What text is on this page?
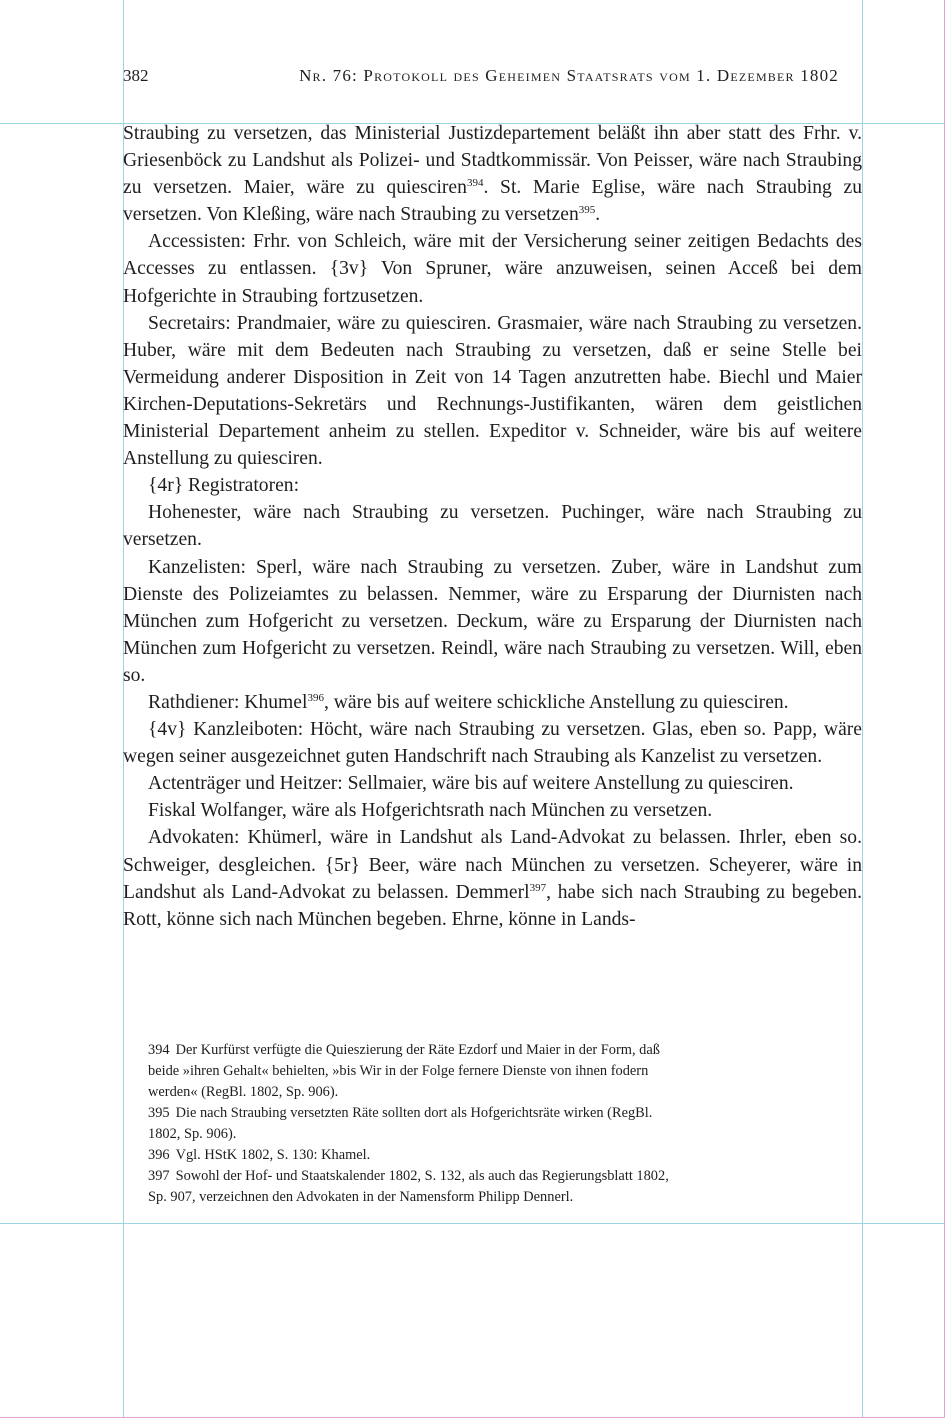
382	Nr. 76: Protokoll des Geheimen Staatsrats vom 1. Dezember 1802

Straubing zu versetzen, das Ministerial Justizdepartement beläßt ihn aber statt des Frhr. v. Griesenböck zu Landshut als Polizei- und Stadtkommissär. Von Peisser, wäre nach Straubing zu versetzen. Maier, wäre zu quiesciren$^{394}$. St. Marie Eglise, wäre nach Straubing zu versetzen. Von Kleßing, wäre nach Straubing zu versetzen$^{395}$.

Accessisten: Frhr. von Schleich, wäre mit der Versicherung seiner zeitigen Bedachts des Accesses zu entlassen. {3v} Von Spruner, wäre anzuweisen, seinen Acceß bei dem Hofgerichte in Straubing fortzusetzen.

Secretairs: Prandmaier, wäre zu quiesciren. Grasmaier, wäre nach Straubing zu versetzen. Huber, wäre mit dem Bedeuten nach Straubing zu versetzen, daß er seine Stelle bei Vermeidung anderer Disposition in Zeit von 14 Tagen anzutretten habe. Biechl und Maier Kirchen-Deputations-Sekretärs und Rechnungs-Justifikanten, wären dem geistlichen Ministerial Departement anheim zu stellen. Expeditor v. Schneider, wäre bis auf weitere Anstellung zu quiesciren.

{4r} Registratoren:

Hohenester, wäre nach Straubing zu versetzen. Puchinger, wäre nach Straubing zu versetzen.

Kanzelisten: Sperl, wäre nach Straubing zu versetzen. Zuber, wäre in Landshut zum Dienste des Polizeiamtes zu belassen. Nemmer, wäre zu Ersparung der Diurnisten nach München zum Hofgericht zu versetzen. Deckum, wäre zu Ersparung der Diurnisten nach München zum Hofgericht zu versetzen. Reindl, wäre nach Straubing zu versetzen. Will, eben so.

Rathdiener: Khumel$^{396}$, wäre bis auf weitere schickliche Anstellung zu quiesciren.

{4v} Kanzleiboten: Höcht, wäre nach Straubing zu versetzen. Glas, eben so. Papp, wäre wegen seiner ausgezeichnet guten Handschrift nach Straubing als Kanzelist zu versetzen.

Actenträger und Heitzer: Sellmaier, wäre bis auf weitere Anstellung zu quiesciren.

Fiskal Wolfanger, wäre als Hofgerichtsrath nach München zu versetzen.

Advokaten: Khümerl, wäre in Landshut als Land-Advokat zu belassen. Ihrler, eben so. Schweiger, desgleichen. {5r} Beer, wäre nach München zu versetzen. Scheyerer, wäre in Landshut als Land-Advokat zu belassen. Demmerl$^{397}$, habe sich nach Straubing zu begeben. Rott, könne sich nach München begeben. Ehrne, könne in Lands-

394 Der Kurfürst verfügte die Quieszierung der Räte Ezdorf und Maier in der Form, daß beide »ihren Gehalt« behielten, »bis Wir in der Folge fernere Dienste von ihnen fodern werden« (RegBl. 1802, Sp. 906).

395 Die nach Straubing versetzten Räte sollten dort als Hofgerichtsräte wirken (RegBl. 1802, Sp. 906).

396 Vgl. HStK 1802, S. 130: Khamel.

397 Sowohl der Hof- und Staatskalender 1802, S. 132, als auch das Regierungsblatt 1802, Sp. 907, verzeichnen den Advokaten in der Namensform Philipp Dennerl.
